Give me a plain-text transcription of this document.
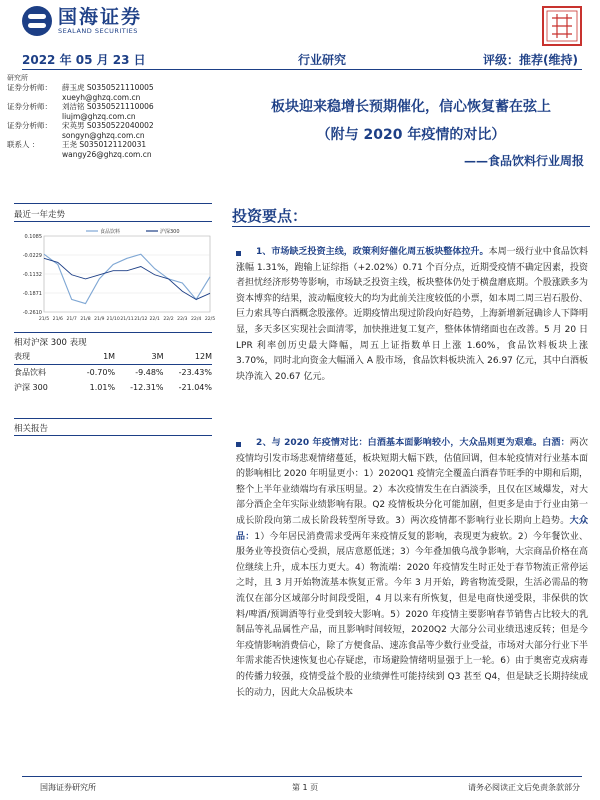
国海证券
SEALAND SECURITIES
2022 年 05 月 23 日	行业研究	评级：推荐(维持)
研究所
证券分析师：	薛玉虎 S0350521110005
xueyh@ghzq.com.cn
证券分析师：	刘洁铭 S0350521110006
liujm@ghzq.com.cn
证券分析师：	宋英男 S0350522040002
songyn@ghzq.com.cn
联系人 ：	王尧 S0350121120031
wangy26@ghzq.com.cn
最近一年走势
0.1085
-0.0229
-0.1132
-0.1871
-0.2610
21/5 21/6 21/7 21/8 21/9 21/10 21/11 21/12 22/1 22/2 22/3 22/4 22/5
食品饮料	沪深300
相对沪深 300 表现
表现	1M	3M	12M
食品饮料	-0.70%	-9.48%	-23.43%
沪深 300	1.01%	-12.31%	-21.04%
相关报告
板块迎来稳增长预期催化，信心恢复蓄在弦上
（附与 2020 年疫情的对比）
——食品饮料行业周报
投资要点：
1、市场缺乏投资主线，政策利好催化周五板块整体拉升。本周一级行业中食品饮料涨幅 1.31%，跑输上证综指（+2.02%）0.71 个百分点，近期受疫情不确定因素，投资者担忧经济形势等影响，市场缺乏投资主线，板块整体仍处于横盘磨底期。个股涨跌多为资本博弈的结果，波动幅度较大的均为此前关注度较低的小票，如本周二周三岩石股份、巨力索具等白酒概念股涨停。近期疫情出现过阶段向好趋势，上海新增新冠确诊人下降明显，多天多区实现社会面清零，加快推进复工复产，整体体情绪面也在改善。5 月 20 日 LPR 利率创历史最大降幅，周五上证指数单日上涨 1.60%，食品饮料板块上涨 3.70%，同时北向资金大幅涌入 A 股市场，食品饮料板块流入 26.97 亿元，其中白酒板块净流入 20.67 亿元。
2、与 2020 年疫情对比：白酒基本面影响较小，大众品则更为艰难。白酒：两次疫情均引发市场悲观情绪蔓延，板块短期大幅下跌，估值回调，但本轮疫情对行业基本面的影响相比 2020 年明显更小：1）2020Q1 疫情完全覆盖白酒春节旺季的中期和后期，整个上半年业绩端均有承压明显。2）本次疫情发生在白酒淡季，且仅在区域爆发，对大部分酒企全年实际业绩影响有限。Q2 疫情板块分化可能加剧，但更多是由于行业由第一成长阶段向第二成长阶段转型所导致。3）两次疫情都不影响行业长期向上趋势。大众品：1）今年居民消费需求受两年来疫情反复的影响，表现更为疲软。2）今年餐饮业、服务业等投资信心受损，展店意愿低迷；3）今年叠加俄乌战争影响，大宗商品价格在高位继续上升，成本压力更大。4）物流端：2020 年疫情发生时正处于春节物流正常停运之时，且 3 月开始物流基本恢复正常。今年 3 月开始，跨省物流受限，生活必需品的物流仅在部分区域部分时间段受阻，4 月以来有所恢复，但是电商快递受限，非保供的饮料/啤酒/预调酒等行业受到较大影响。5）2020 年疫情主要影响春节销售占比较大的乳制品等礼品属性产品，而且影响时间较短，2020Q2 大部分公司业绩迅速反转；但是今年疫情影响消费信心，除了方便食品、速冻食品等少数行业受益，市场对大部分行业下半年需求能否快速恢复也心存疑虑，市场避险情绪明显强于上一轮。6）由于奥密克戎病毒的传播力较强，疫情受益个股的业绩弹性可能持续到 Q3 甚至 Q4，但是缺乏长期持续成长的动力，因此大众品板块本
国海证券研究所	第 1 页	请务必阅读正文后免责条款部分
